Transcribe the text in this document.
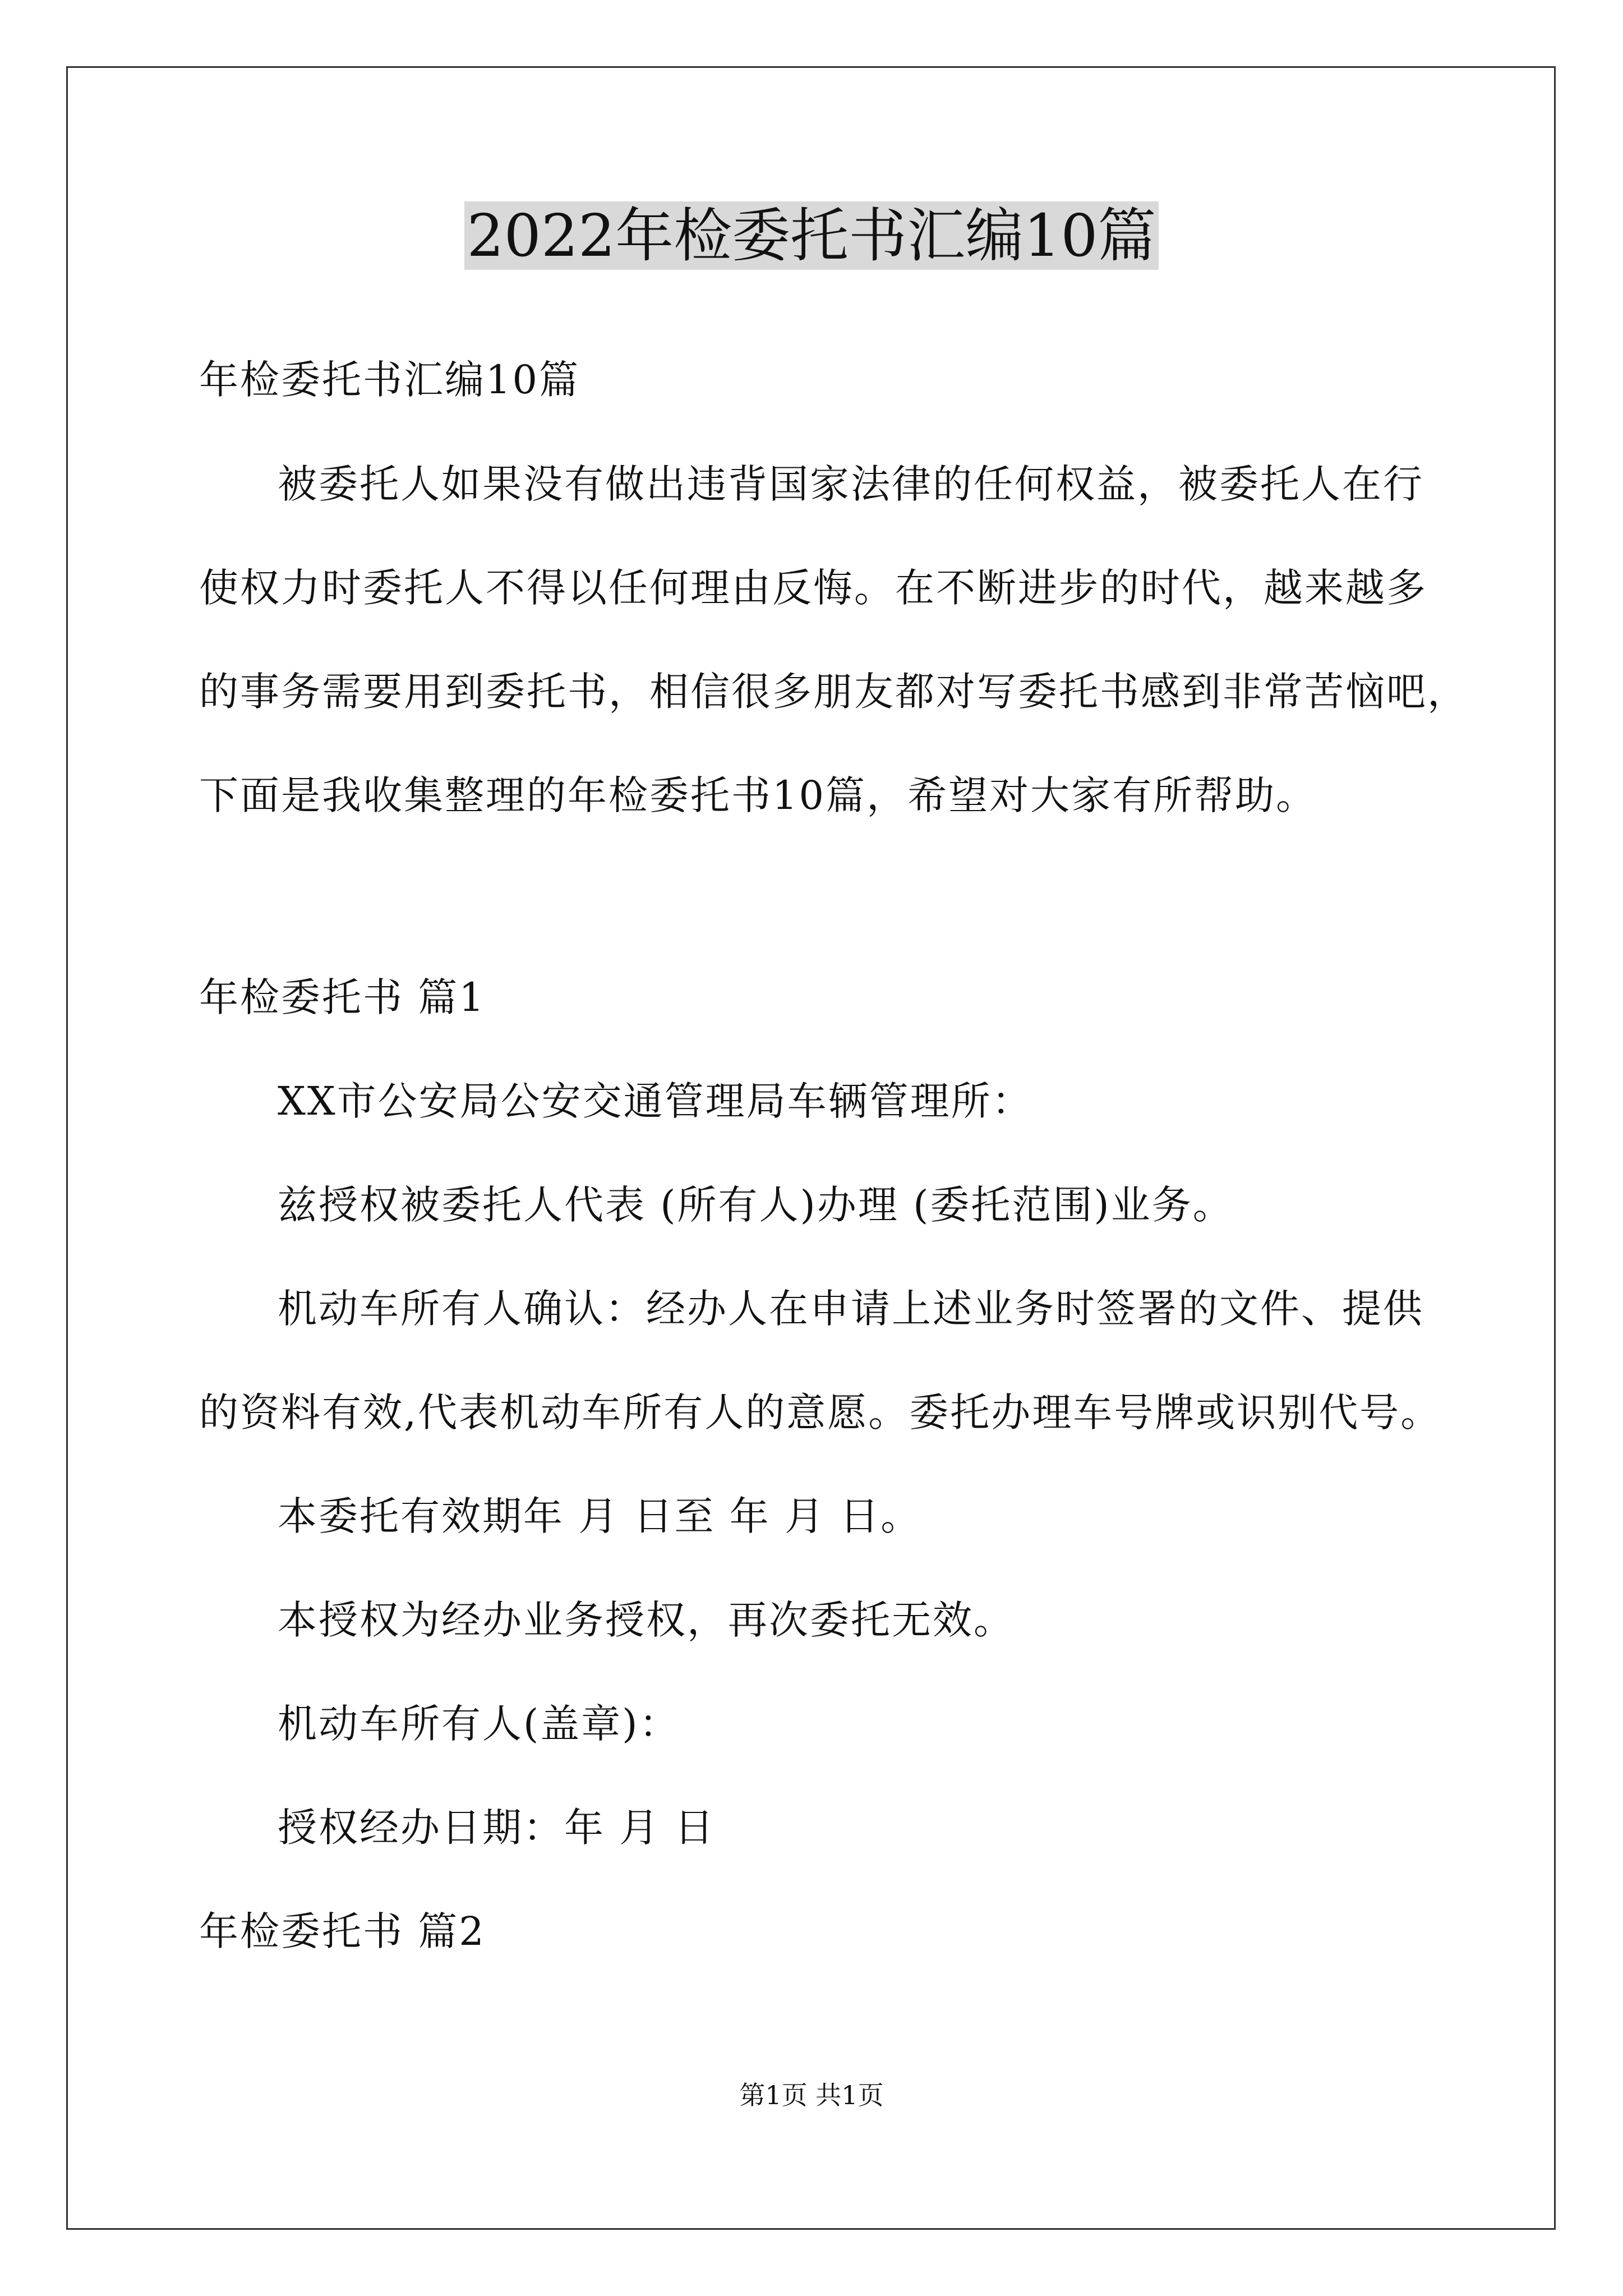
2022年检委托书汇编10篇

年检委托书汇编10篇

被委托人如果没有做出违背国家法律的任何权益，被委托人在行

使权力时委托人不得以任何理由反悔。在不断进步的时代，越来越多

的事务需要用到委托书，相信很多朋友都对写委托书感到非常苦恼吧，

下面是我收集整理的年检委托书10篇，希望对大家有所帮助。

年检委托书 篇1

XX市公安局公安交通管理局车辆管理所：

兹授权被委托人代表 (所有人)办理 (委托范围)业务。

机动车所有人确认：经办人在申请上述业务时签署的文件、提供

的资料有效,代表机动车所有人的意愿。委托办理车号牌或识别代号。

本委托有效期年 月 日至 年 月 日。

本授权为经办业务授权，再次委托无效。

机动车所有人(盖章)：

授权经办日期：年 月 日

年检委托书 篇2

第1页 共1页
